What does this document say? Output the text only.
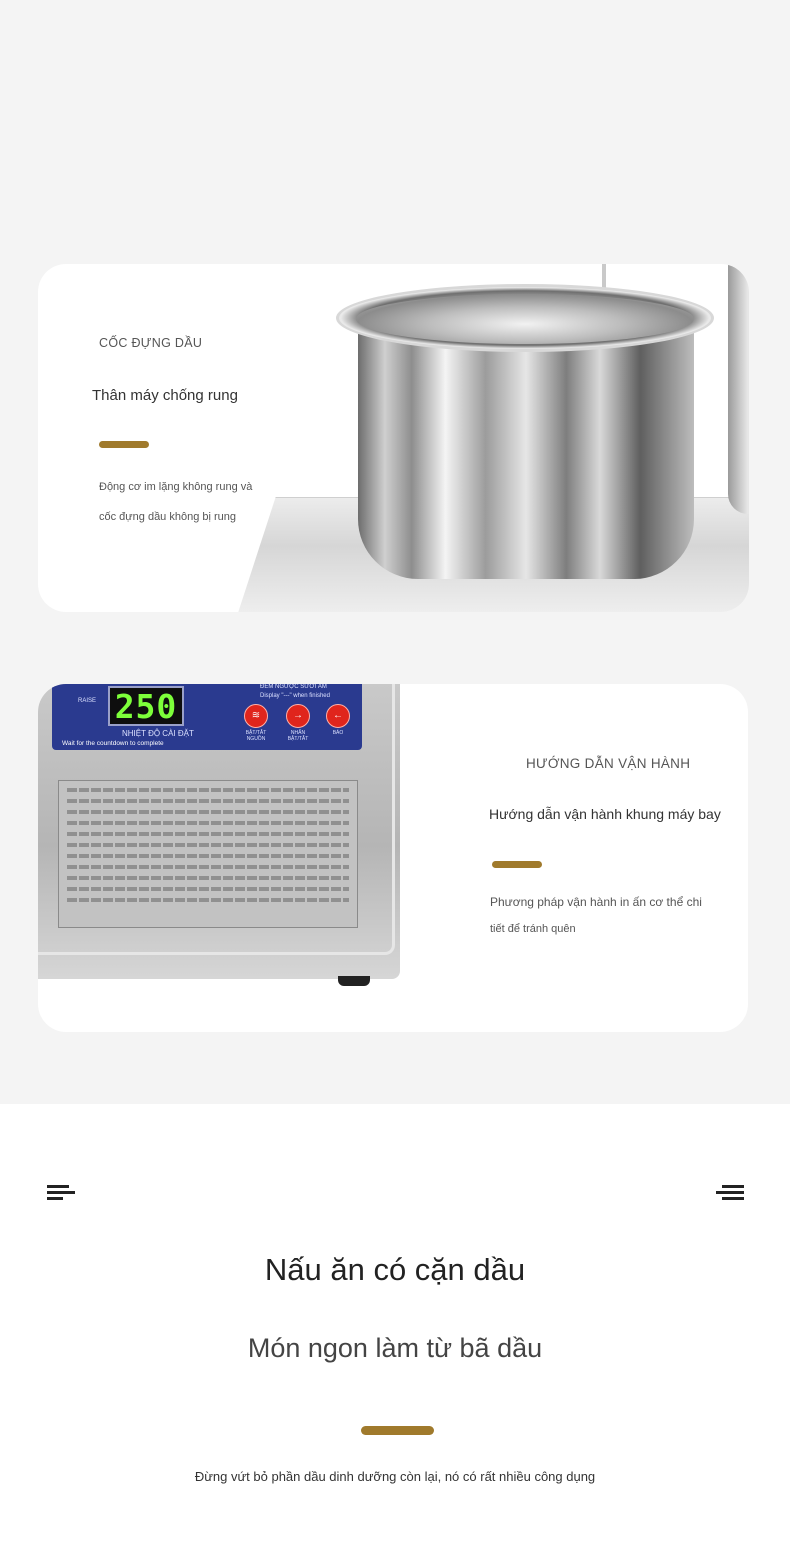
CỐC ĐỰNG DẦU
Thân máy chống rung
Động cơ im lặng không rung và
cốc đựng dầu không bị rung
RAISE 250
NHIỆT ĐỘ CÀI ĐẶT
Wait for the countdown to complete
ĐẾM NGƯỢC SƯỞI ẤM
Display "---" when finished
≋	→	←
BẬT/TẮT NGUỒN
NHẤN BẬT/TẮT
BÁO
HƯỚNG DẪN VẬN HÀNH
Hướng dẫn vận hành khung máy bay
Phương pháp vận hành in ấn cơ thể chi
tiết để tránh quên
Nấu ăn có cặn dầu
Món ngon làm từ bã dầu
Đừng vứt bỏ phần dầu dinh dưỡng còn lại, nó có rất nhiều công dụng
